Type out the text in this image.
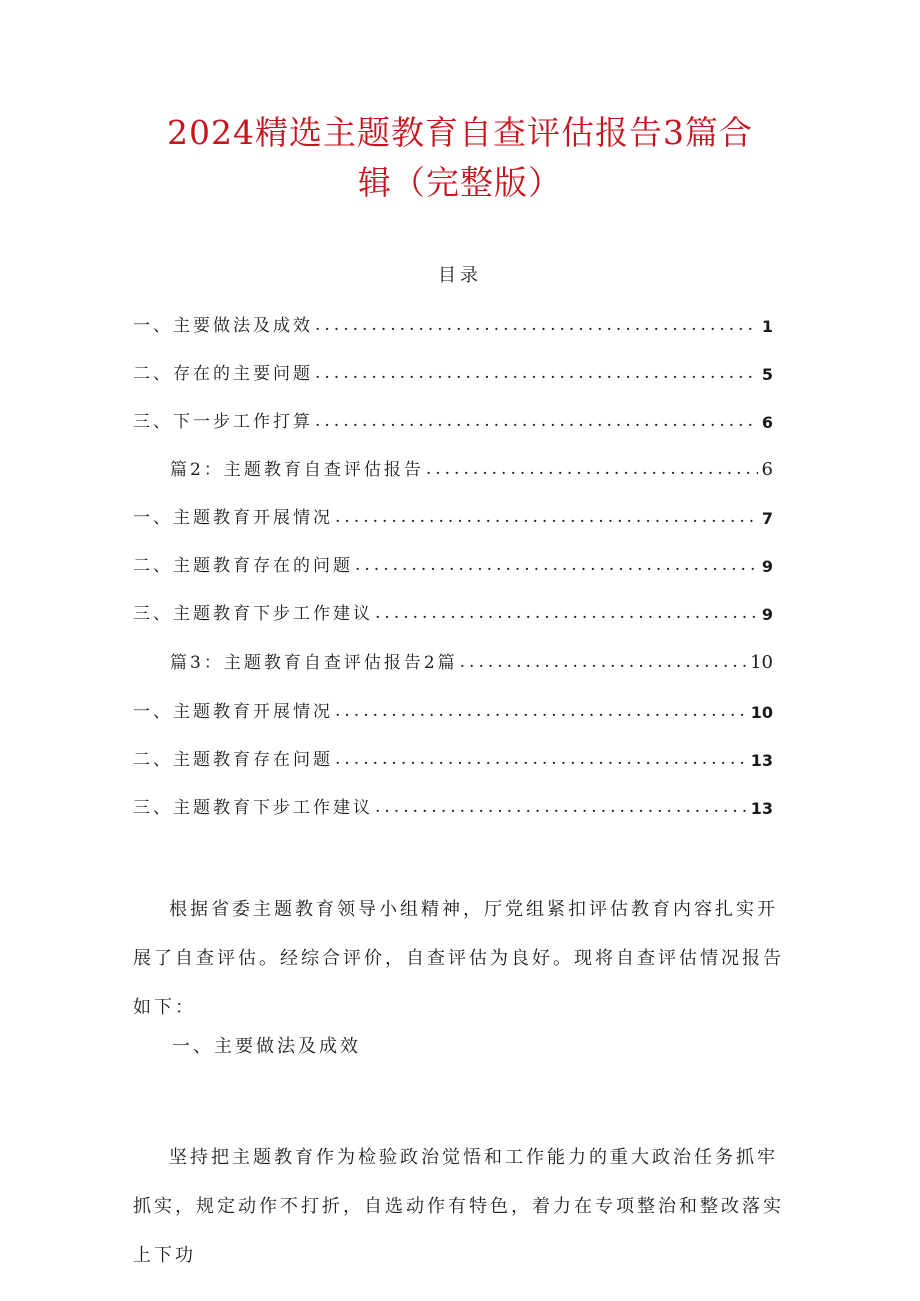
2024精选主题教育自查评估报告3篇合
辑（完整版）
目录
一、主要做法及成效 .....	1
二、存在的主要问题 .....	5
三、下一步工作打算 .....	6
篇2：主题教育自查评估报告 .....	6
一、主题教育开展情况 .....	7
二、主题教育存在的问题 .....	9
三、主题教育下步工作建议 .....	9
篇3：主题教育自查评估报告2篇 .....	10
一、主题教育开展情况 .....	10
二、主题教育存在问题 .....	13
三、主题教育下步工作建议 .....	13

根据省委主题教育领导小组精神，厅党组紧扣评估教育内容扎实开展了自查评估。经综合评价，自查评估为良好。现将自查评估情况报告如下：

一、主要做法及成效

坚持把主题教育作为检验政治觉悟和工作能力的重大政治任务抓牢抓实，规定动作不打折，自选动作有特色，着力在专项整治和整改落实上下功
